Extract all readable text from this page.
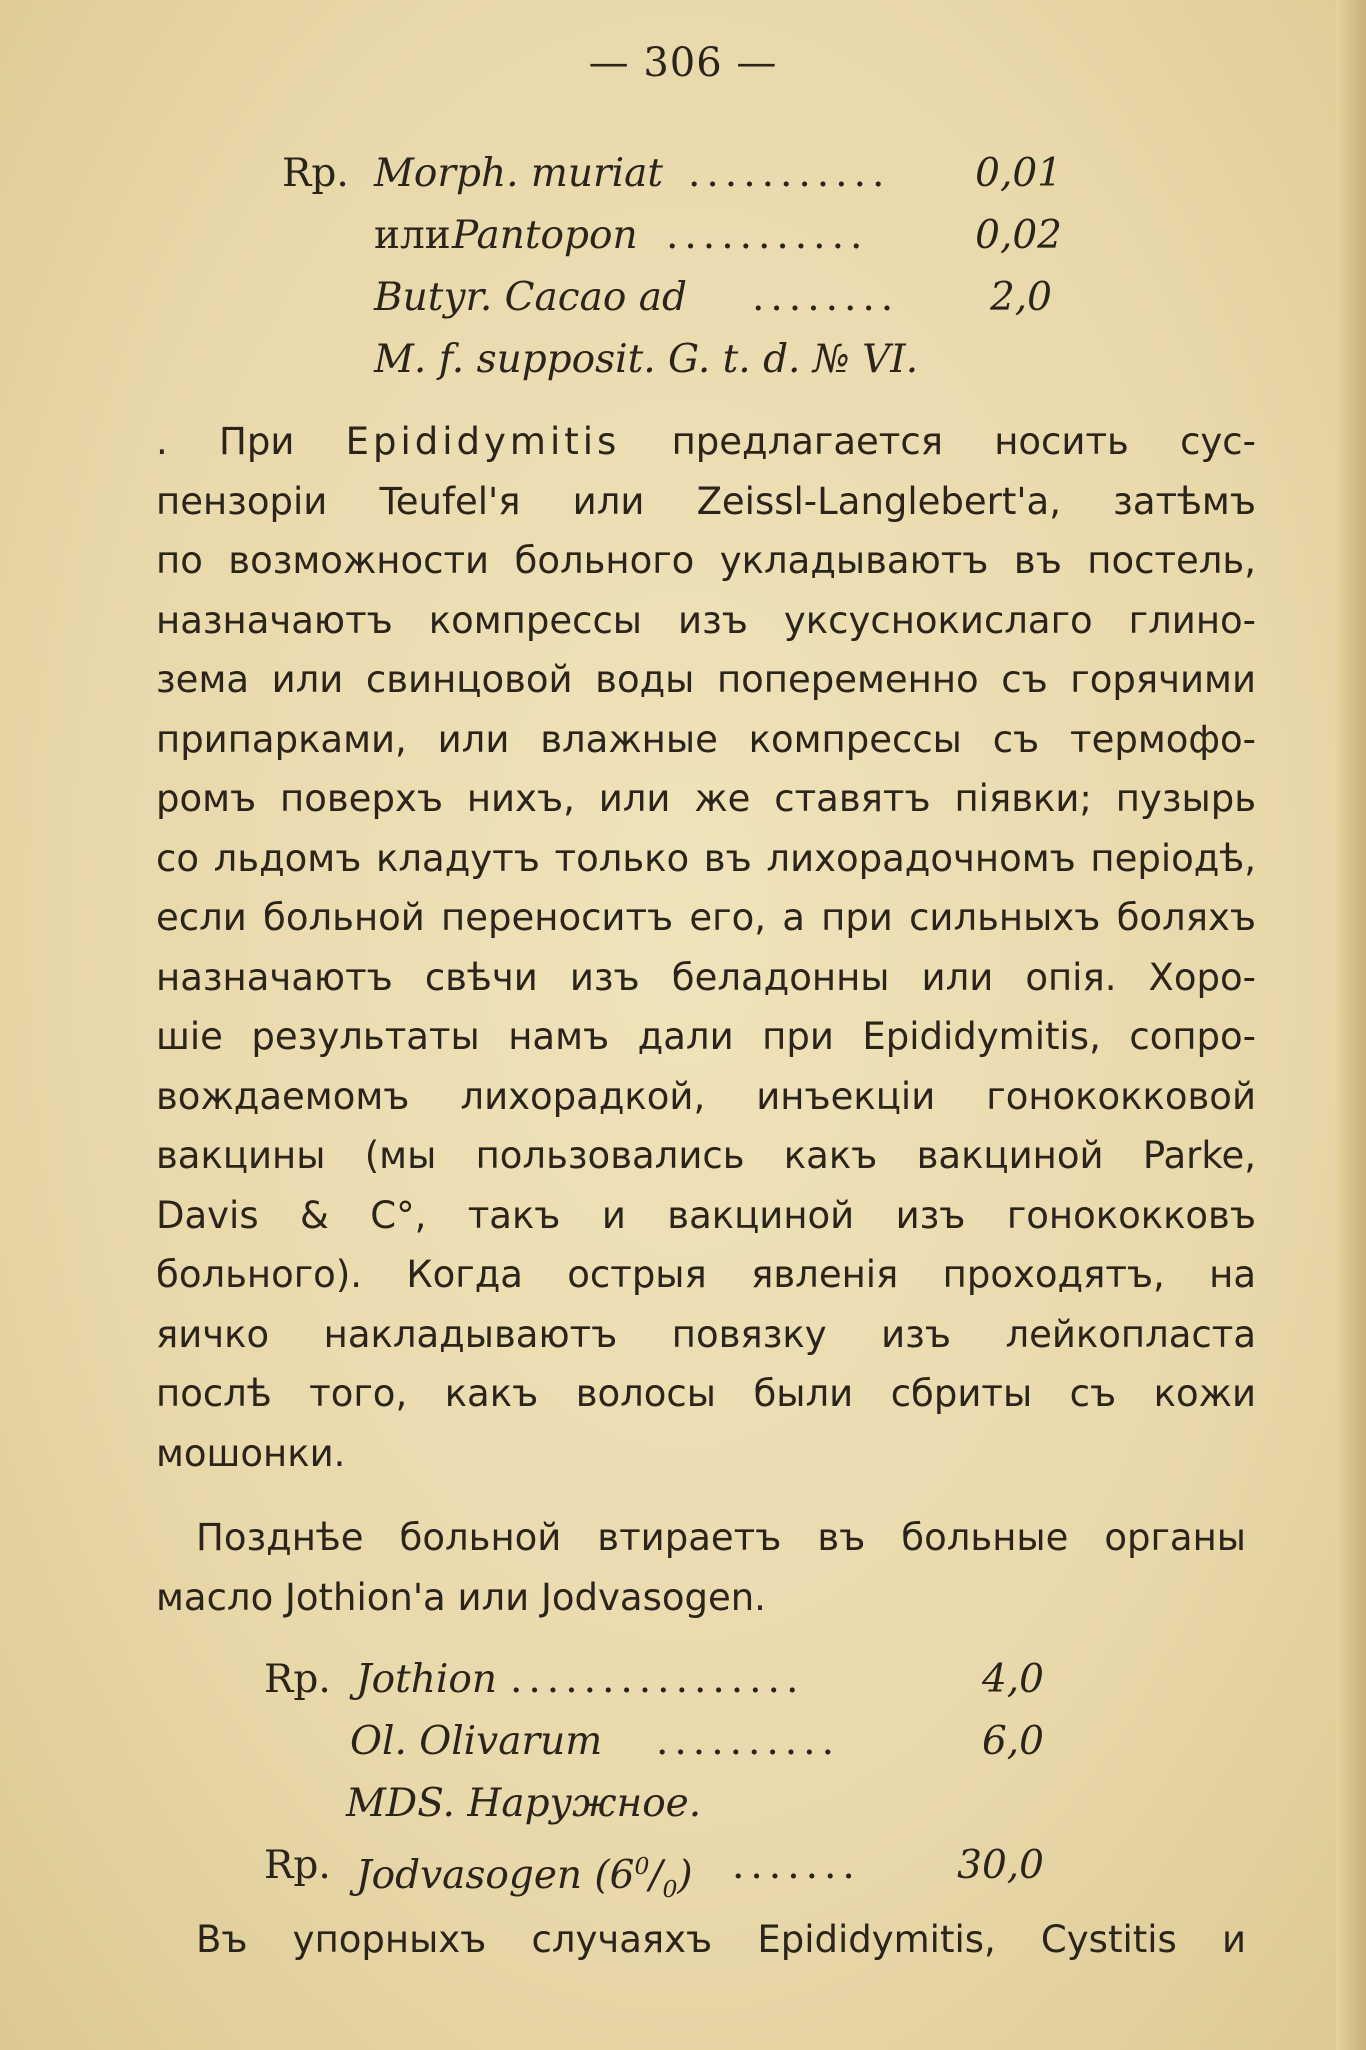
— 306 —
Rp. Morph. muriat ...........	0,01
или Pantopon ...........	0,02
Butyr. Cacao ad ........	2,0
M. f. supposit. G. t. d. № VI.
. При Epididymitis предлагается носить сус-
пензорiи Teufel'я или Zeissl-Langlebert'а, затѣмъ
по возможности больного укладываютъ въ постель,
назначаютъ компрессы изъ уксуснокислаго глино-
зема или свинцовой воды попеременно съ горячими
припарками, или влажные компрессы съ термофо-
ромъ поверхъ нихъ, или же ставятъ пiявки; пузырь
со льдомъ кладутъ только въ лихорадочномъ перiодѣ,
если больной переноситъ его, а при сильныхъ боляхъ
назначаютъ свѣчи изъ беладонны или опiя. Хоро-
шiе результаты намъ дали при Epididymitis, сопро-
вождаемомъ лихорадкой, инъекцiи гонококковой
вакцины (мы пользовались какъ вакциной Parke,
Davis & C°, такъ и вакциной изъ гонококковъ
больного). Когда острыя явленiя проходятъ, на
яичко накладываютъ повязку изъ лейкопласта
послѣ того, какъ волосы были сбриты съ кожи
мошонки.
Позднѣе больной втираетъ въ больные органы
масло Jothion'а или Jodvasogen.
Rp. Jothion ................	4,0
Ol. Olivarum ..........	6,0
MDS. Наружное.
Rp. Jodvasogen $(6^0/_0)$ .......	30,0
Въ упорныхъ случаяхъ Epididymitis, Cystitis и
